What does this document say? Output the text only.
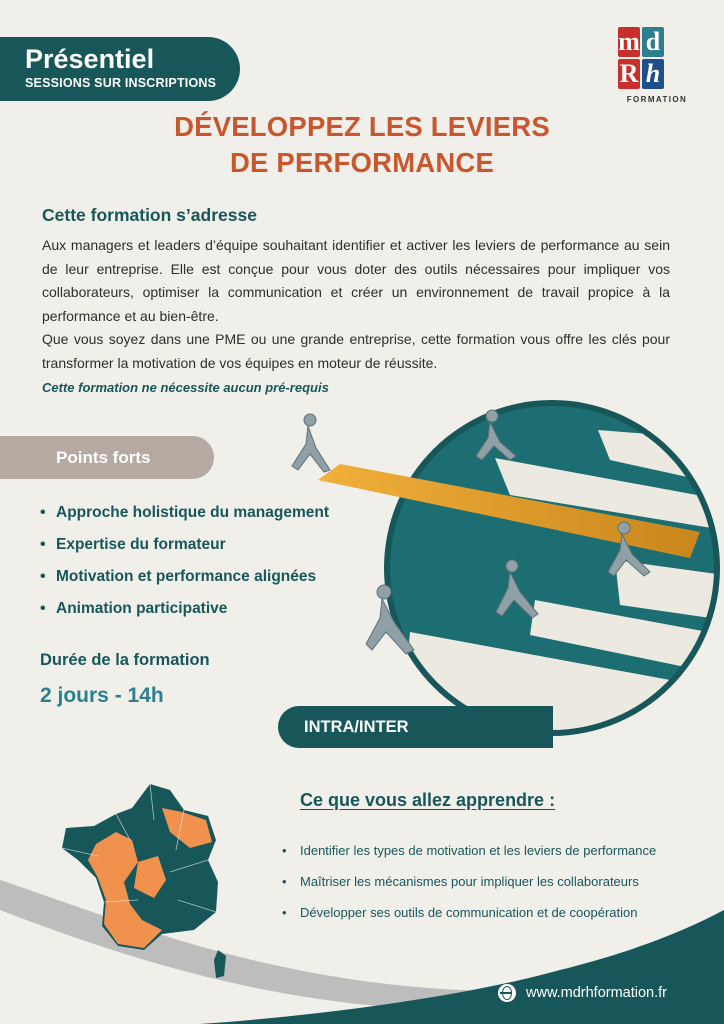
Présentiel
SESSIONS SUR INSCRIPTIONS
m d
R h
FORMATION
DÉVELOPPEZ LES LEVIERS
DE PERFORMANCE
Cette formation s’adresse

Aux managers et leaders d’équipe souhaitant identifier et activer les leviers de performance au sein de leur entreprise. Elle est conçue pour vous doter des outils nécessaires pour impliquer vos collaborateurs, optimiser la communication et créer un environnement de travail propice à la performance et au bien-être.

Que vous soyez dans une PME ou une grande entreprise, cette formation vous offre les clés pour transformer la motivation de vos équipes en moteur de réussite.

Cette formation ne nécessite aucun pré-requis
Points forts
• Approche holistique du management
• Expertise du formateur
• Motivation et performance alignées
• Animation participative
Durée de la formation
2 jours - 14h
INTRA/INTER
Ce que vous allez apprendre :
•	Identifier les types de motivation et les leviers de performance
•	Maîtriser les mécanismes pour impliquer les collaborateurs
•	Développer ses outils de communication et de coopération
www.mdrhformation.fr
